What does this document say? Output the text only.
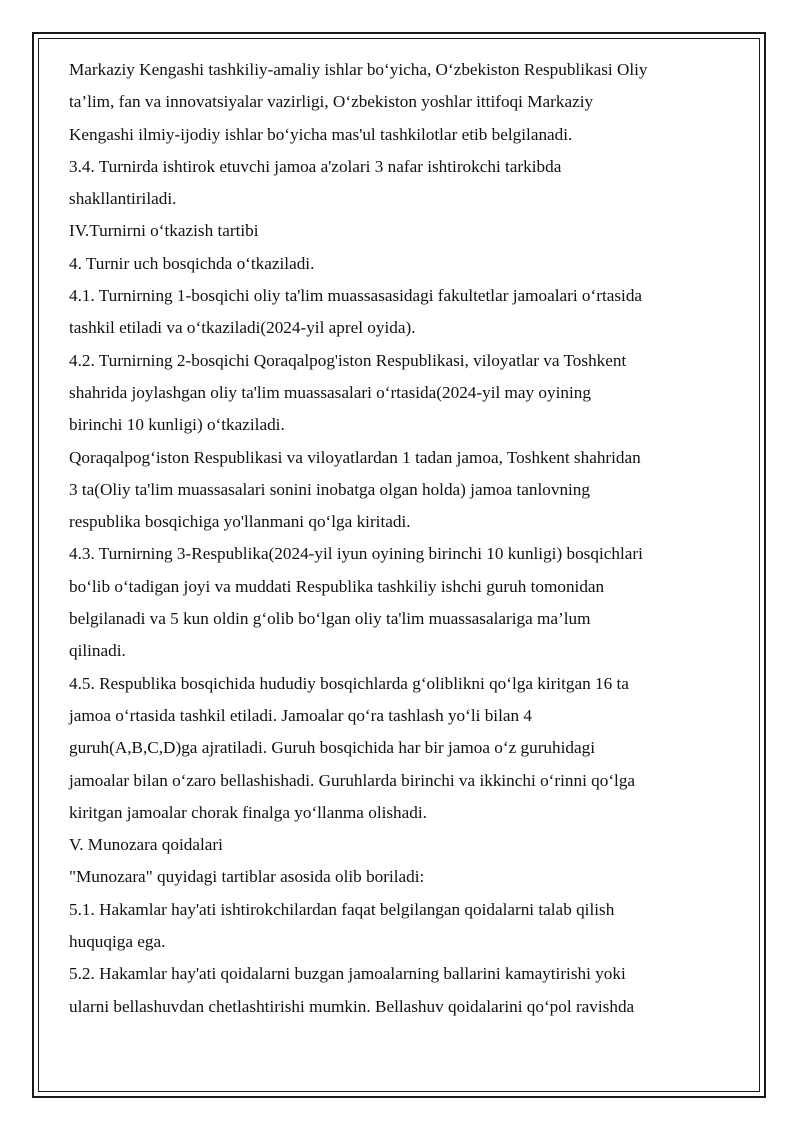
Markaziy Kengashi tashkiliy-amaliy ishlar bo‘yicha, O‘zbekiston Respublikasi Oliy

ta’lim, fan va innovatsiyalar vazirligi, O‘zbekiston yoshlar ittifoqi Markaziy

Kengashi ilmiy-ijodiy ishlar bo‘yicha mas'ul tashkilotlar etib belgilanadi.

3.4. Turnirda ishtirok etuvchi jamoa a'zolari 3 nafar ishtirokchi tarkibda

shakllantiriladi.

IV.Turnirni o‘tkazish tartibi

4. Turnir uch bosqichda o‘tkaziladi.

4.1. Turnirning 1-bosqichi oliy ta'lim muassasasidagi fakultetlar jamoalari o‘rtasida

tashkil etiladi va o‘tkaziladi(2024-yil aprel oyida).

4.2. Turnirning 2-bosqichi Qoraqalpog'iston Respublikasi, viloyatlar va Toshkent

shahrida joylashgan oliy ta'lim muassasalari o‘rtasida(2024-yil may oyining

birinchi 10 kunligi) o‘tkaziladi.

Qoraqalpog‘iston Respublikasi va viloyatlardan 1 tadan jamoa, Toshkent shahridan

3 ta(Oliy ta'lim muassasalari sonini inobatga olgan holda) jamoa tanlovning

respublika bosqichiga yo'llanmani qo‘lga kiritadi.

4.3. Turnirning 3-Respublika(2024-yil iyun oyining birinchi 10 kunligi) bosqichlari

bo‘lib o‘tadigan joyi va muddati Respublika tashkiliy ishchi guruh tomonidan

belgilanadi va 5 kun oldin g‘olib bo‘lgan oliy ta'lim muassasalariga ma’lum

qilinadi.

4.5. Respublika bosqichida hududiy bosqichlarda g‘oliblikni qo‘lga kiritgan 16 ta

jamoa o‘rtasida tashkil etiladi. Jamoalar qo‘ra tashlash yo‘li bilan 4

guruh(A,B,C,D)ga ajratiladi. Guruh bosqichida har bir jamoa o‘z guruhidagi

jamoalar bilan o‘zaro bellashishadi. Guruhlarda birinchi va ikkinchi o‘rinni qo‘lga

kiritgan jamoalar chorak finalga yo‘llanma olishadi.

V. Munozara qoidalari

"Munozara" quyidagi tartiblar asosida olib boriladi:

5.1. Hakamlar hay'ati ishtirokchilardan faqat belgilangan qoidalarni talab qilish

huquqiga ega.

5.2. Hakamlar hay'ati qoidalarni buzgan jamoalarning ballarini kamaytirishi yoki

ularni bellashuvdan chetlashtirishi mumkin. Bellashuv qoidalarini qo‘pol ravishda
